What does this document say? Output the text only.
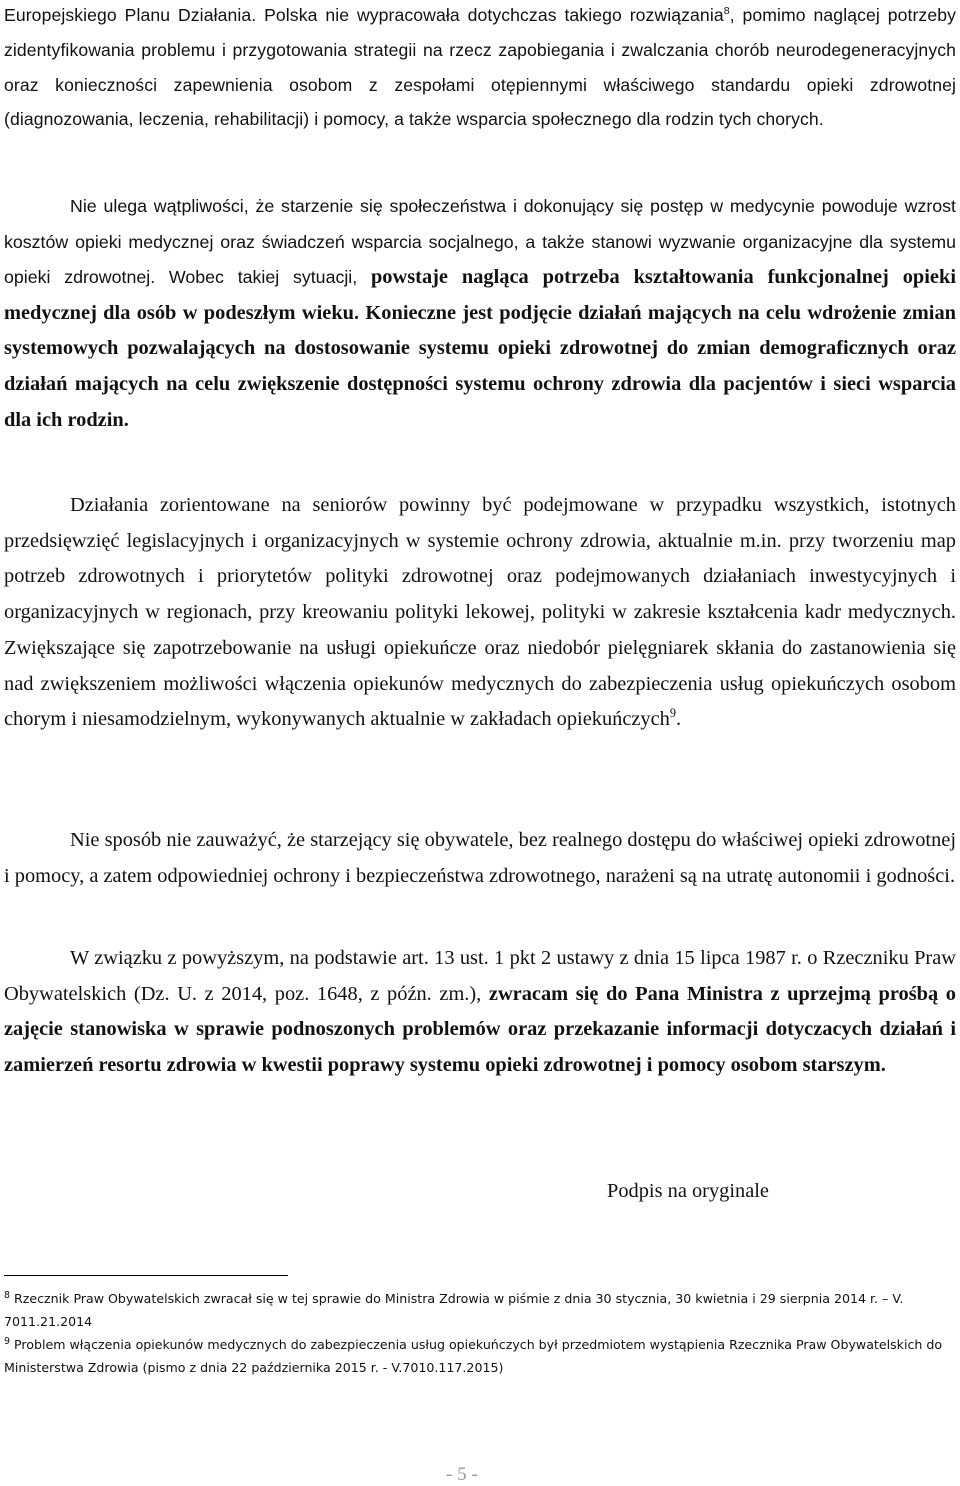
Europejskiego Planu Działania. Polska nie wypracowała dotychczas takiego rozwiązania$^8$, pomimo naglącej potrzeby zidentyfikowania problemu i przygotowania strategii na rzecz zapobiegania i zwalczania chorób neurodegeneracyjnych oraz konieczności zapewnienia osobom z zespołami otępiennymi właściwego standardu opieki zdrowotnej (diagnozowania, leczenia, rehabilitacji) i pomocy, a także wsparcia społecznego dla rodzin tych chorych.

Nie ulega wątpliwości, że starzenie się społeczeństwa i dokonujący się postęp w medycynie powoduje wzrost kosztów opieki medycznej oraz świadczeń wsparcia socjalnego, a także stanowi wyzwanie organizacyjne dla systemu opieki zdrowotnej. Wobec takiej sytuacji, powstaje nagląca potrzeba kształtowania funkcjonalnej opieki medycznej dla osób w podeszłym wieku. Konieczne jest podjęcie działań mających na celu wdrożenie zmian systemowych pozwalających na dostosowanie systemu opieki zdrowotnej do zmian demograficznych oraz działań mających na celu zwiększenie dostępności systemu ochrony zdrowia dla pacjentów i sieci wsparcia dla ich rodzin.

Działania zorientowane na seniorów powinny być podejmowane w przypadku wszystkich, istotnych przedsięwzięć legislacyjnych i organizacyjnych w systemie ochrony zdrowia, aktualnie m.in. przy tworzeniu map potrzeb zdrowotnych i priorytetów polityki zdrowotnej oraz podejmowanych działaniach inwestycyjnych i organizacyjnych w regionach, przy kreowaniu polityki lekowej, polityki w zakresie kształcenia kadr medycznych. Zwiększające się zapotrzebowanie na usługi opiekuńcze oraz niedobór pielęgniarek skłania do zastanowienia się nad zwiększeniem możliwości włączenia opiekunów medycznych do zabezpieczenia usług opiekuńczych osobom chorym i niesamodzielnym, wykonywanych aktualnie w zakładach opiekuńczych$^9$.

Nie sposób nie zauważyć, że starzejący się obywatele, bez realnego dostępu do właściwej opieki zdrowotnej i pomocy, a zatem odpowiedniej ochrony i bezpieczeństwa zdrowotnego, narażeni są na utratę autonomii i godności.

W związku z powyższym, na podstawie art. 13 ust. 1 pkt 2 ustawy z dnia 15 lipca 1987 r. o Rzeczniku Praw Obywatelskich (Dz. U. z 2014, poz. 1648, z późn. zm.), zwracam się do Pana Ministra z uprzejmą prośbą o zajęcie stanowiska w sprawie podnoszonych problemów oraz przekazanie informacji dotyczacych działań i zamierzeń resortu zdrowia w kwestii poprawy systemu opieki zdrowotnej i pomocy osobom starszym.

Podpis na oryginale

$^8$ Rzecznik Praw Obywatelskich zwracał się w tej sprawie do Ministra Zdrowia w piśmie z dnia 30 stycznia, 30 kwietnia i 29 sierpnia 2014 r. – V. 7011.21.2014

$^9$ Problem włączenia opiekunów medycznych do zabezpieczenia usług opiekuńczych był przedmiotem wystąpienia Rzecznika Praw Obywatelskich do Ministerstwa Zdrowia (pismo z dnia 22 października 2015 r. - V.7010.117.2015)

- 5 -
